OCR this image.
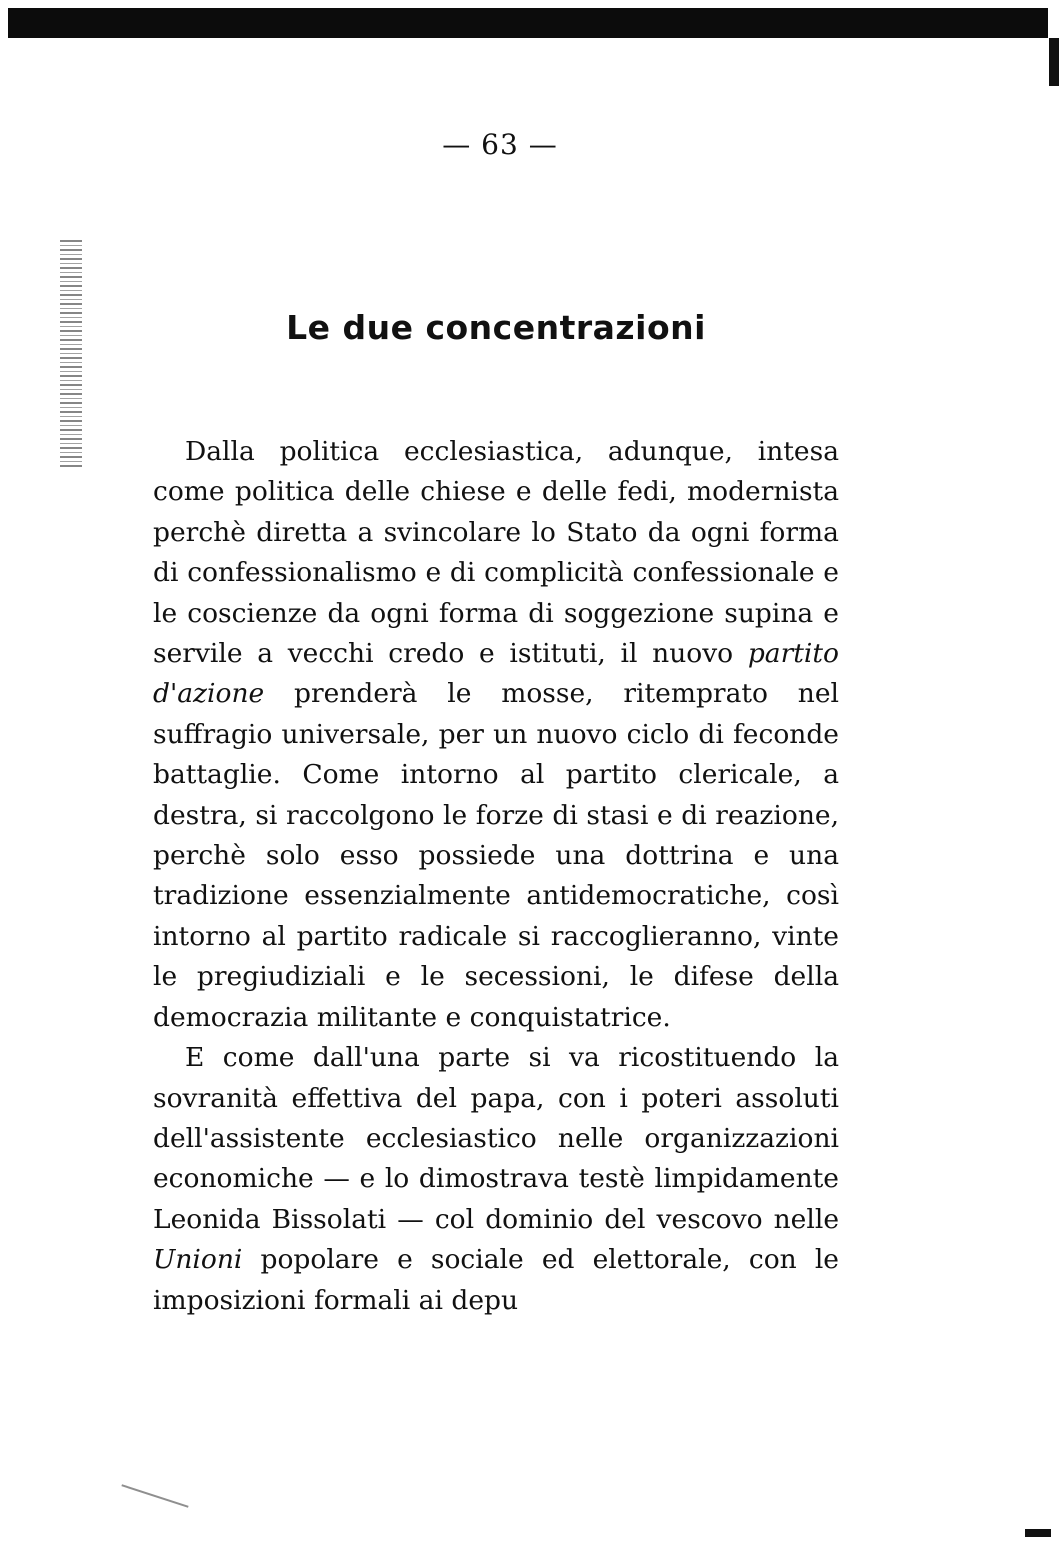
— 63 —
Le due concentrazioni

Dalla politica ecclesiastica, adunque, intesa come politica delle chiese e delle fedi, modernista perchè diretta a svincolare lo Stato da ogni forma di confessionalismo e di complicità confessionale e le coscienze da ogni forma di soggezione supina e servile a vecchi credo e istituti, il nuovo partito d'azione prenderà le mosse, ritemprato nel suffragio universale, per un nuovo ciclo di feconde battaglie. Come intorno al partito clericale, a destra, si raccolgono le forze di stasi e di reazione, perchè solo esso possiede una dottrina e una tradizione essenzialmente antidemocratiche, così intorno al partito radicale si raccoglieranno, vinte le pregiudiziali e le secessioni, le difese della democrazia militante e conquistatrice.

E come dall'una parte si va ricostituendo la sovranità effettiva del papa, con i poteri assoluti dell'assistente ecclesiastico nelle organizzazioni economiche — e lo dimostrava testè limpidamente Leonida Bissolati — col dominio del vescovo nelle Unioni popolare e sociale ed elettorale, con le imposizioni formali ai depu
